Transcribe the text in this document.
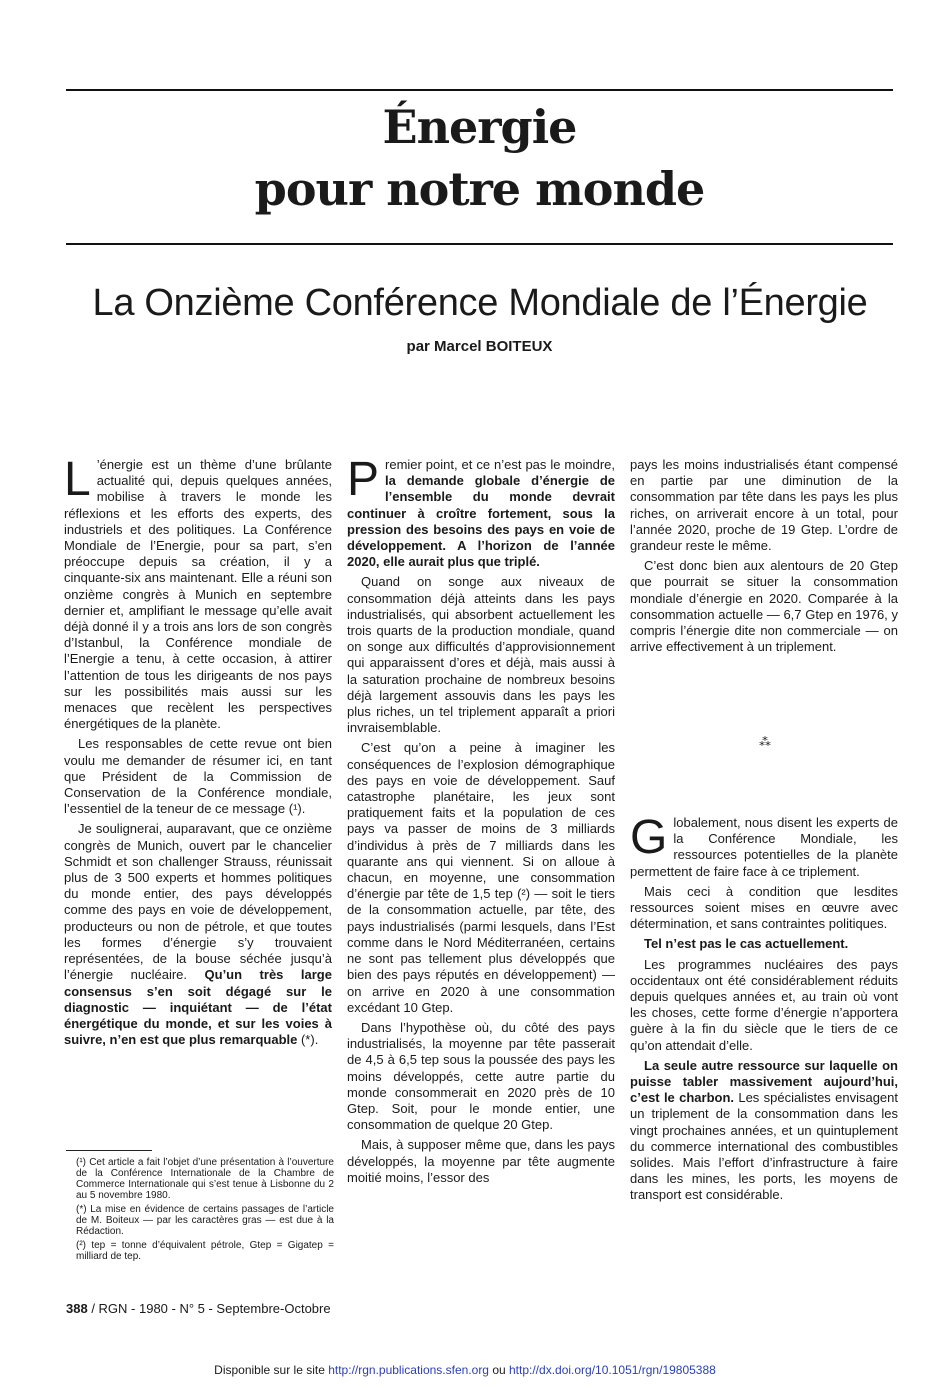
Énergie
pour notre monde
La Onzième Conférence Mondiale de l’Énergie
par Marcel BOITEUX

L ’énergie est un thème d’une brûlante actualité qui, depuis quelques années, mobilise à travers le monde les réflexions et les efforts des experts, des industriels et des politiques. La Conférence Mondiale de l’Energie, pour sa part, s’en préoccupe depuis sa création, il y a cinquante-six ans maintenant. Elle a réuni son onzième congrès à Munich en septembre dernier et, amplifiant le message qu’elle avait déjà donné il y a trois ans lors de son congrès d’Istanbul, la Conférence mondiale de l’Energie a tenu, à cette occasion, à attirer l’attention de tous les dirigeants de nos pays sur les possibilités mais aussi sur les menaces que recèlent les perspectives énergétiques de la planète.

Les responsables de cette revue ont bien voulu me demander de résumer ici, en tant que Président de la Commission de Conservation de la Conférence mondiale, l’essentiel de la teneur de ce message (¹).

Je soulignerai, auparavant, que ce onzième congrès de Munich, ouvert par le chancelier Schmidt et son challenger Strauss, réunissait plus de 3 500 experts et hommes politiques du monde entier, des pays développés comme des pays en voie de développement, producteurs ou non de pétrole, et que toutes les formes d’énergie s’y trouvaient représentées, de la bouse séchée jusqu’à l’énergie nucléaire. Qu’un très large consensus s’en soit dégagé sur le diagnostic — inquiétant — de l’état énergétique du monde, et sur les voies à suivre, n’en est que plus remarquable (*).

Premier point, et ce n’est pas le moindre, la demande globale d’énergie de l’ensemble du monde devrait continuer à croître fortement, sous la pression des besoins des pays en voie de développement. A l’horizon de l’année 2020, elle aurait plus que triplé.

Quand on songe aux niveaux de consommation déjà atteints dans les pays industrialisés, qui absorbent actuellement les trois quarts de la production mondiale, quand on songe aux difficultés d’approvisionnement qui apparaissent d’ores et déjà, mais aussi à la saturation prochaine de nombreux besoins déjà largement assouvis dans les pays les plus riches, un tel triplement apparaît a priori invraisemblable.

C’est qu’on a peine à imaginer les conséquences de l’explosion démographique des pays en voie de développement. Sauf catastrophe planétaire, les jeux sont pratiquement faits et la population de ces pays va passer de moins de 3 milliards d’individus à près de 7 milliards dans les quarante ans qui viennent. Si on alloue à chacun, en moyenne, une consommation d’énergie par tête de 1,5 tep (²) — soit le tiers de la consommation actuelle, par tête, des pays industrialisés (parmi lesquels, dans l’Est comme dans le Nord Méditerranéen, certains ne sont pas tellement plus développés que bien des pays réputés en développement) — on arrive en 2020 à une consommation excédant 10 Gtep.

Dans l’hypothèse où, du côté des pays industrialisés, la moyenne par tête passerait de 4,5 à 6,5 tep sous la poussée des pays les moins développés, cette autre partie du monde consommerait en 2020 près de 10 Gtep. Soit, pour le monde entier, une consommation de quelque 20 Gtep.

Mais, à supposer même que, dans les pays développés, la moyenne par tête augmente moitié moins, l’essor des

pays les moins industrialisés étant compensé en partie par une diminution de la consommation par tête dans les pays les plus riches, on arriverait encore à un total, pour l’année 2020, proche de 19 Gtep. L’ordre de grandeur reste le même.

C’est donc bien aux alentours de 20 Gtep que pourrait se situer la consommation mondiale d’énergie en 2020. Comparée à la consommation actuelle — 6,7 Gtep en 1976, y compris l’énergie dite non commerciale — on arrive effectivement à un triplement.

⁂

Globalement, nous disent les experts de la Conférence Mondiale, les ressources potentielles de la planète permettent de faire face à ce triplement.

Mais ceci à condition que lesdites ressources soient mises en œuvre avec détermination, et sans contraintes politiques.

Tel n’est pas le cas actuellement.

Les programmes nucléaires des pays occidentaux ont été considérablement réduits depuis quelques années et, au train où vont les choses, cette forme d’énergie n’apportera guère à la fin du siècle que le tiers de ce qu’on attendait d’elle.

La seule autre ressource sur laquelle on puisse tabler massivement aujourd’hui, c’est le charbon. Les spécialistes envisagent un triplement de la consommation dans les vingt prochaines années, et un quintuplement du commerce international des combustibles solides. Mais l’effort d’infrastructure à faire dans les mines, les ports, les moyens de transport est considérable.

(¹) Cet article a fait l’objet d’une présentation à l’ouverture de la Conférence Internationale de la Chambre de Commerce Internationale qui s’est tenue à Lisbonne du 2 au 5 novembre 1980.

(*) La mise en évidence de certains passages de l’article de M. Boiteux — par les caractères gras — est due à la Rédaction.

(²) tep = tonne d’équivalent pétrole, Gtep = Gigatep = milliard de tep.

388 / RGN - 1980 - N° 5 - Septembre-Octobre
Disponible sur le site http://rgn.publications.sfen.org ou http://dx.doi.org/10.1051/rgn/19805388
